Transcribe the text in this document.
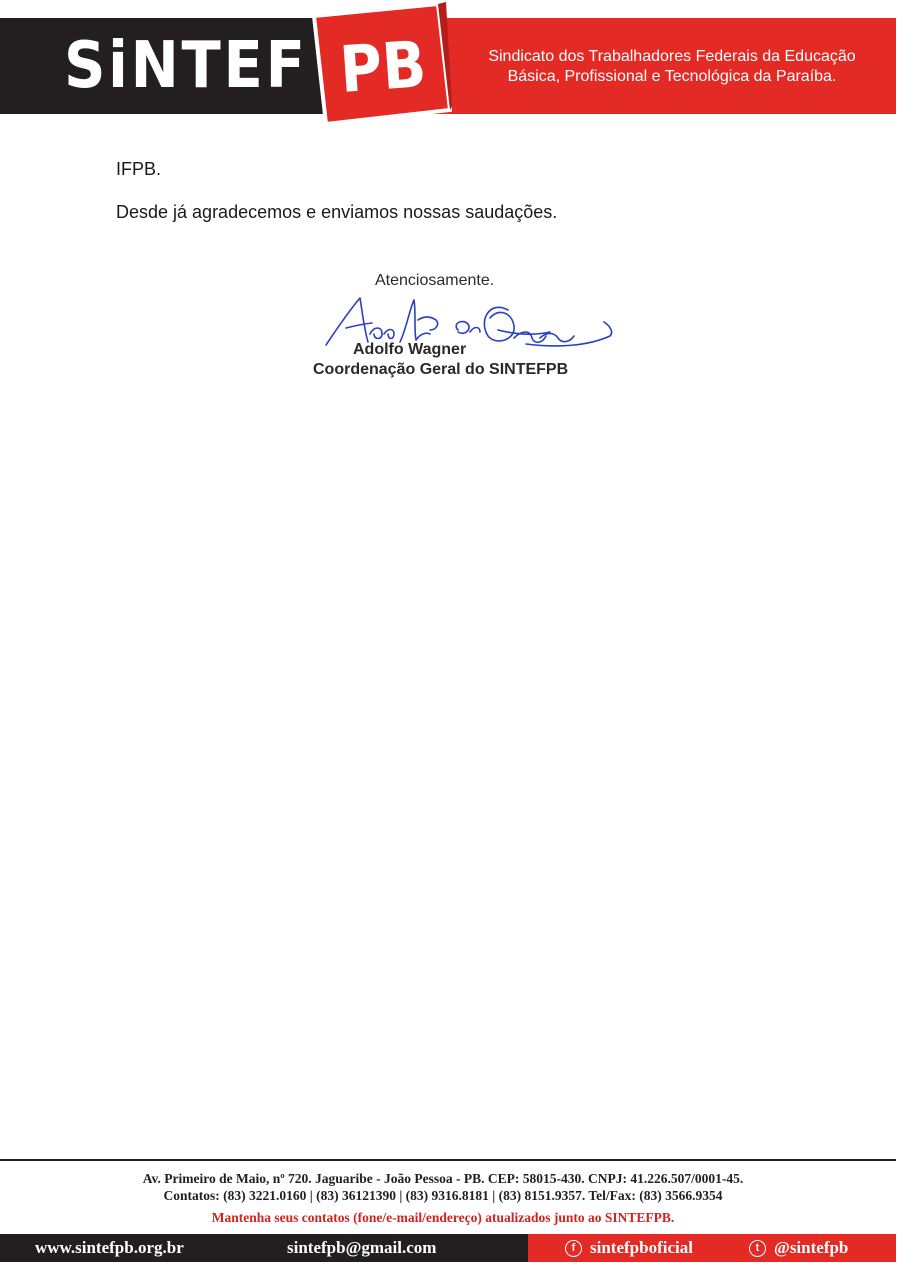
SiNTEF PB	Sindicato dos Trabalhadores Federais da Educação
Básica, Profissional e Tecnológica da Paraíba.
IFPB.
Desde já agradecemos e enviamos nossas saudações.
Atenciosamente.
Adolfo Wagner
Coordenação Geral do SINTEFPB
Av. Primeiro de Maio, nº 720. Jaguaribe - João Pessoa - PB. CEP: 58015-430. CNPJ: 41.226.507/0001-45.
Contatos: (83) 3221.0160 | (83) 36121390 | (83) 9316.8181 | (83) 8151.9357. Tel/Fax: (83) 3566.9354
Mantenha seus contatos (fone/e-mail/endereço) atualizados junto ao SINTEFPB.
www.sintefpb.org.br	sintefpb@gmail.com	f sintefpboficial	t @sintefpb
